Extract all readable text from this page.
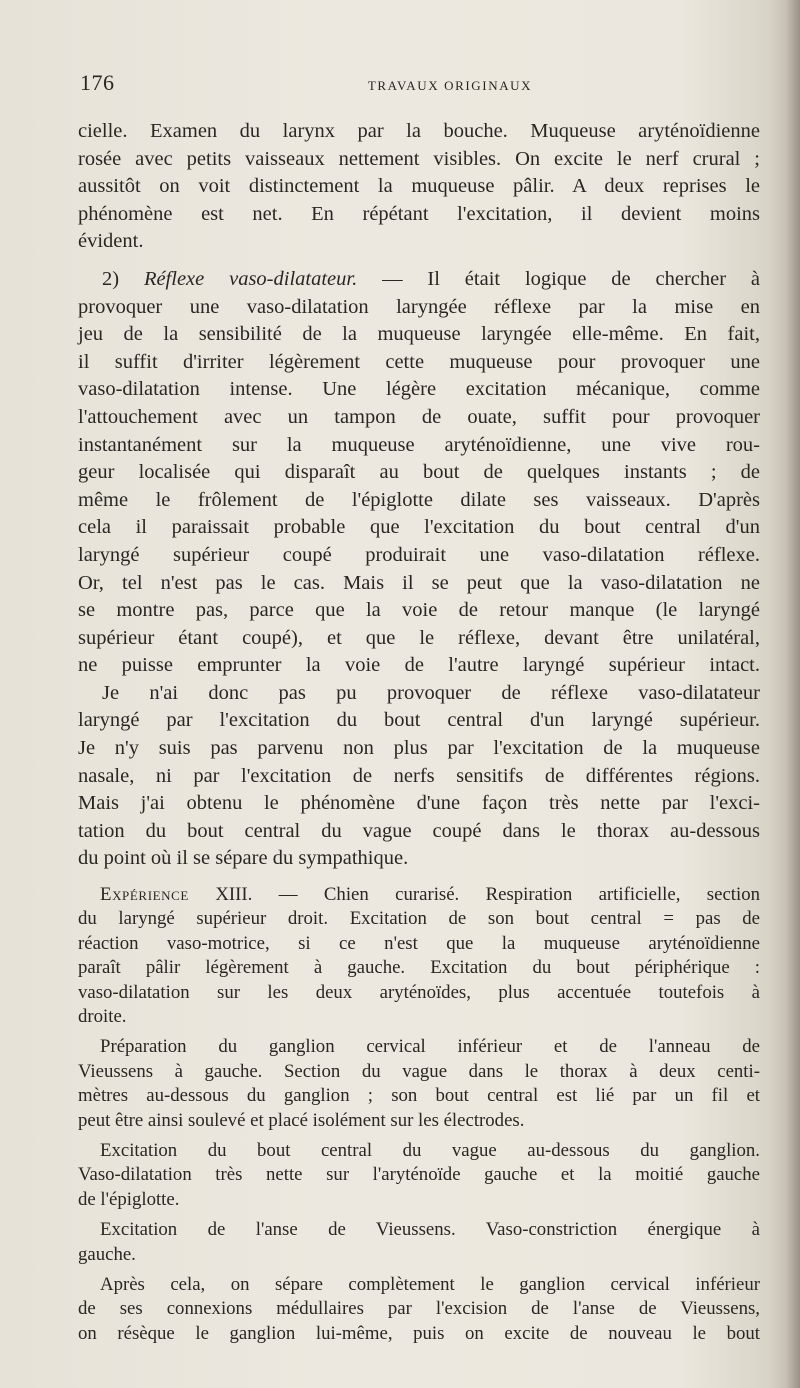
176	TRAVAUX ORIGINAUX
cielle. Examen du larynx par la bouche. Muqueuse aryténoïdienne
rosée avec petits vaisseaux nettement visibles. On excite le nerf crural ;
aussitôt on voit distinctement la muqueuse pâlir. A deux reprises le
phénomène est net. En répétant l'excitation, il devient moins
évident.
2) Réflexe vaso-dilatateur. — Il était logique de chercher à
provoquer une vaso-dilatation laryngée réflexe par la mise en
jeu de la sensibilité de la muqueuse laryngée elle-même. En fait,
il suffit d'irriter légèrement cette muqueuse pour provoquer une
vaso-dilatation intense. Une légère excitation mécanique, comme
l'attouchement avec un tampon de ouate, suffit pour provoquer
instantanément sur la muqueuse aryténoïdienne, une vive rou-
geur localisée qui disparaît au bout de quelques instants ; de
même le frôlement de l'épiglotte dilate ses vaisseaux. D'après
cela il paraissait probable que l'excitation du bout central d'un
laryngé supérieur coupé produirait une vaso-dilatation réflexe.
Or, tel n'est pas le cas. Mais il se peut que la vaso-dilatation ne
se montre pas, parce que la voie de retour manque (le laryngé
supérieur étant coupé), et que le réflexe, devant être unilatéral,
ne puisse emprunter la voie de l'autre laryngé supérieur intact.
Je n'ai donc pas pu provoquer de réflexe vaso-dilatateur
laryngé par l'excitation du bout central d'un laryngé supérieur.
Je n'y suis pas parvenu non plus par l'excitation de la muqueuse
nasale, ni par l'excitation de nerfs sensitifs de différentes régions.
Mais j'ai obtenu le phénomène d'une façon très nette par l'exci-
tation du bout central du vague coupé dans le thorax au-dessous
du point où il se sépare du sympathique.
Expérience XIII. — Chien curarisé. Respiration artificielle, section
du laryngé supérieur droit. Excitation de son bout central = pas de
réaction vaso-motrice, si ce n'est que la muqueuse aryténoïdienne
paraît pâlir légèrement à gauche. Excitation du bout périphérique :
vaso-dilatation sur les deux aryténoïdes, plus accentuée toutefois à
droite.
Préparation du ganglion cervical inférieur et de l'anneau de
Vieussens à gauche. Section du vague dans le thorax à deux centi-
mètres au-dessous du ganglion ; son bout central est lié par un fil et
peut être ainsi soulevé et placé isolément sur les électrodes.
Excitation du bout central du vague au-dessous du ganglion.
Vaso-dilatation très nette sur l'aryténoïde gauche et la moitié gauche
de l'épiglotte.
Excitation de l'anse de Vieussens. Vaso-constriction énergique à
gauche.
Après cela, on sépare complètement le ganglion cervical inférieur
de ses connexions médullaires par l'excision de l'anse de Vieussens,
on résèque le ganglion lui-même, puis on excite de nouveau le bout
